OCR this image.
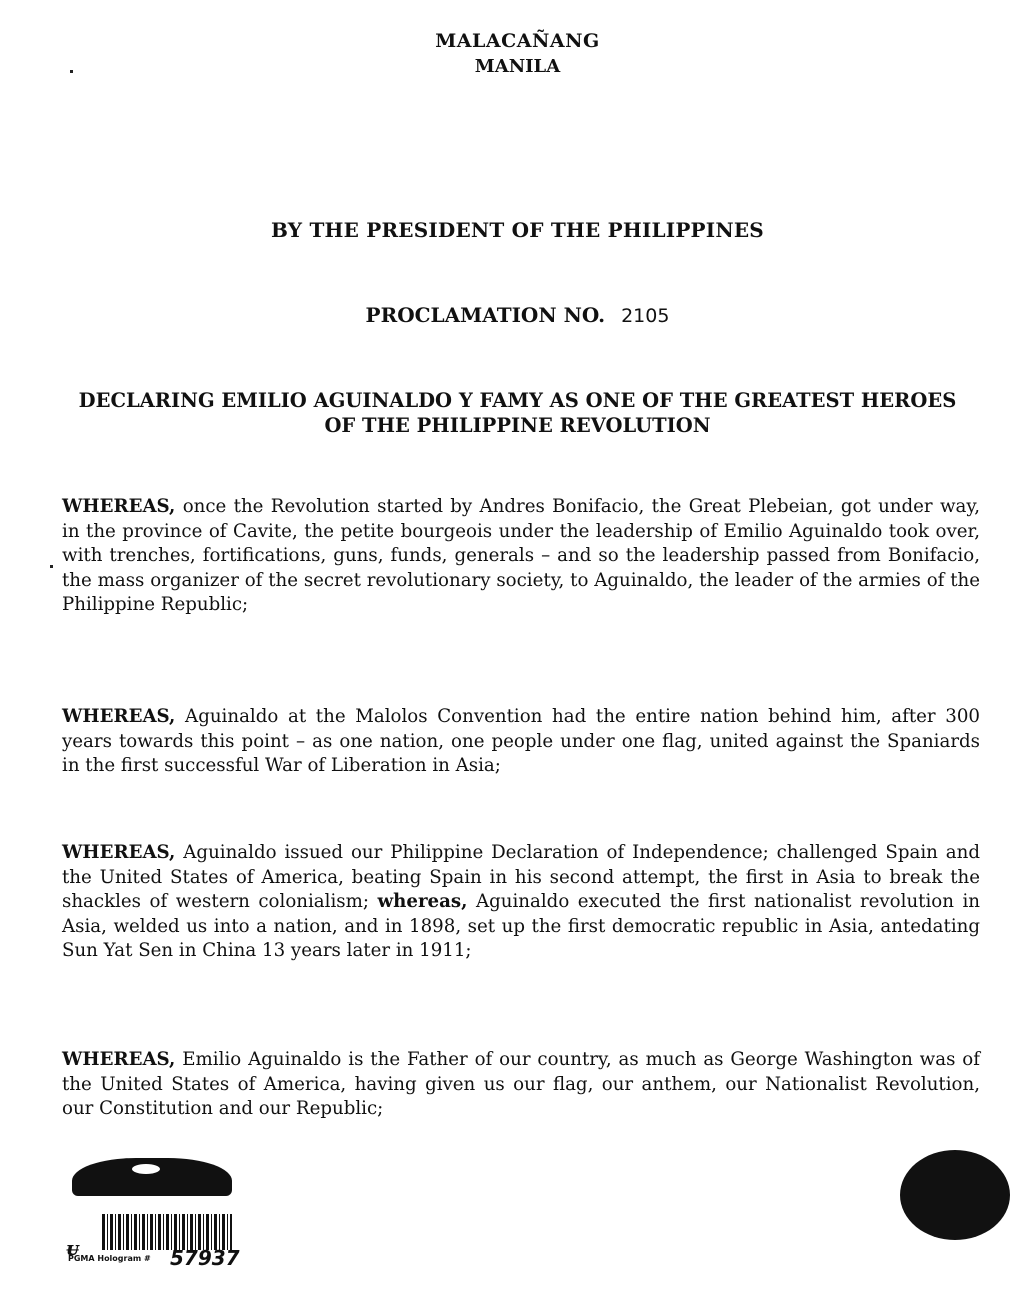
MALACAÑANG
MANILA
BY THE PRESIDENT OF THE PHILIPPINES
PROCLAMATION NO. 2105
DECLARING EMILIO AGUINALDO Y FAMY AS ONE OF THE GREATEST HEROES OF THE PHILIPPINE REVOLUTION
WHEREAS, once the Revolution started by Andres Bonifacio, the Great Plebeian, got under way, in the province of Cavite, the petite bourgeois under the leadership of Emilio Aguinaldo took over, with trenches, fortifications, guns, funds, generals – and so the leadership passed from Bonifacio, the mass organizer of the secret revolutionary society, to Aguinaldo, the leader of the armies of the Philippine Republic;
WHEREAS, Aguinaldo at the Malolos Convention had the entire nation behind him, after 300 years towards this point – as one nation, one people under one flag, united against the Spaniards in the first successful War of Liberation in Asia;
WHEREAS, Aguinaldo issued our Philippine Declaration of Independence; challenged Spain and the United States of America, beating Spain in his second attempt, the first in Asia to break the shackles of western colonialism; whereas, Aguinaldo executed the first nationalist revolution in Asia, welded us into a nation, and in 1898, set up the first democratic republic in Asia, antedating Sun Yat Sen in China 13 years later in 1911;
WHEREAS, Emilio Aguinaldo is the Father of our country, as much as George Washington was of the United States of America, having given us our flag, our anthem, our Nationalist Revolution, our Constitution and our Republic;
ᵾ
PGMA Hologram # 57937
